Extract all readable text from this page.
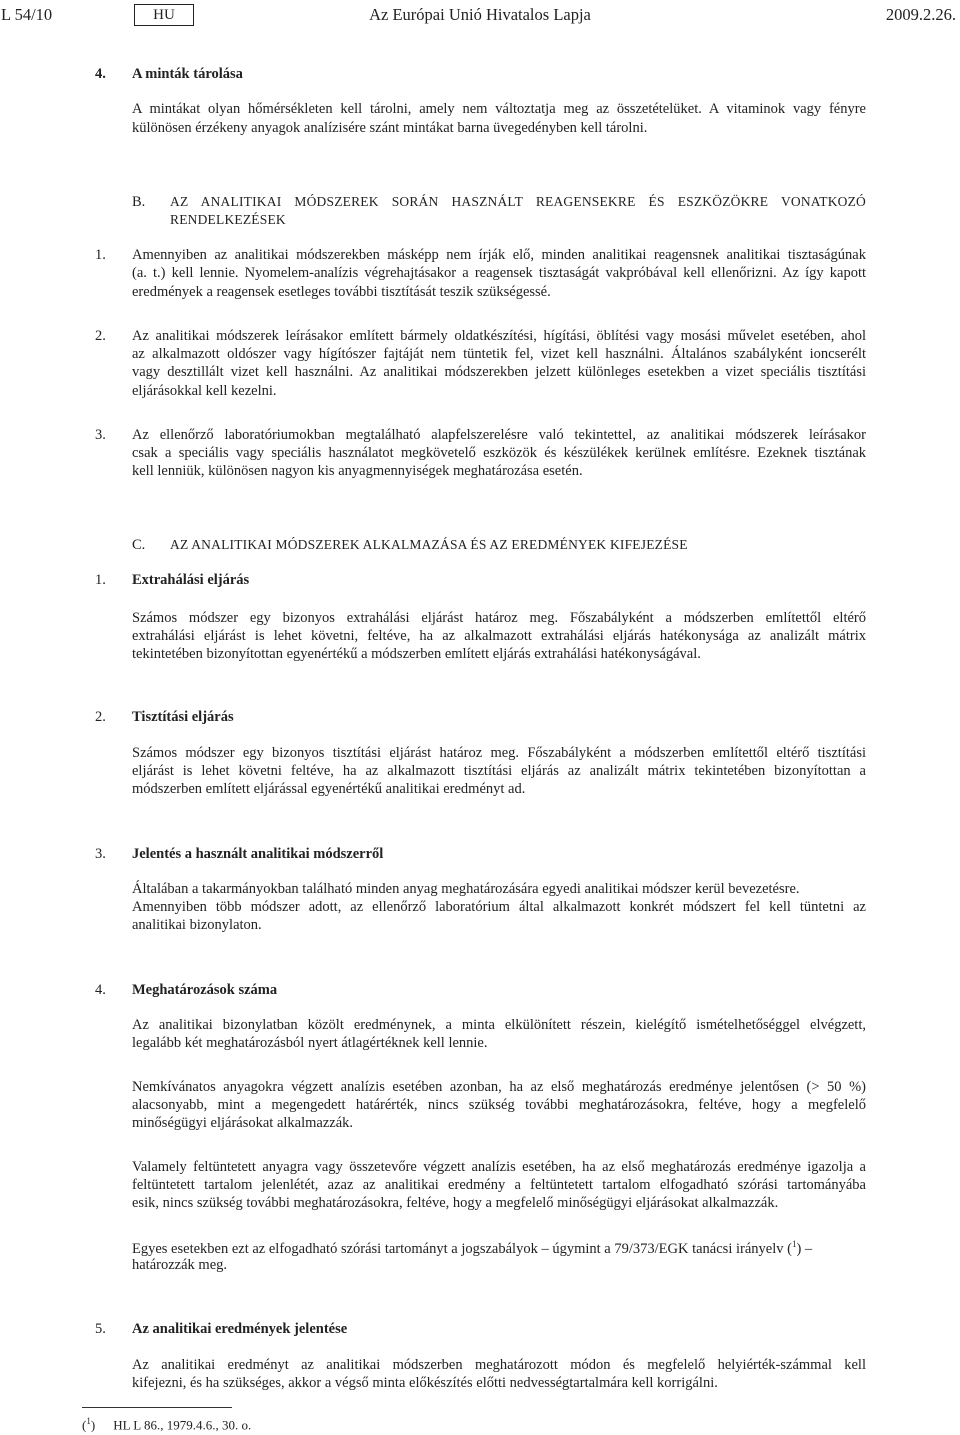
L 54/10	Az Európai Unió Hivatalos Lapja
HU	2009.2.26.
4. A minták tárolása
A mintákat olyan hőmérsékleten kell tárolni, amely nem változtatja meg az összetételüket. A vitaminok vagy fényre
különösen érzékeny anyagok analízisére szánt mintákat barna üvegedényben kell tárolni.
B. AZ ANALITIKAI MÓDSZEREK SORÁN HASZNÁLT REAGENSEKRE ÉS ESZKÖZÖKRE VONATKOZÓ
RENDELKEZÉSEK
1. Amennyiben az analitikai módszerekben másképp nem írják elő, minden analitikai reagensnek analitikai tisztaságúnak
(a. t.) kell lennie. Nyomelem-analízis végrehajtásakor a reagensek tisztaságát vakpróbával kell ellenőrizni. Az így kapott
eredmények a reagensek esetleges további tisztítását teszik szükségessé.
2. Az analitikai módszerek leírásakor említett bármely oldatkészítési, hígítási, öblítési vagy mosási művelet esetében, ahol
az alkalmazott oldószer vagy hígítószer fajtáját nem tüntetik fel, vizet kell használni. Általános szabályként ioncserélt
vagy desztillált vizet kell használni. Az analitikai módszerekben jelzett különleges esetekben a vizet speciális tisztítási
eljárásokkal kell kezelni.
3. Az ellenőrző laboratóriumokban megtalálható alapfelszerelésre való tekintettel, az analitikai módszerek leírásakor
csak a speciális vagy speciális használatot megkövetelő eszközök és készülékek kerülnek említésre. Ezeknek tisztának
kell lenniük, különösen nagyon kis anyagmennyiségek meghatározása esetén.
C. AZ ANALITIKAI MÓDSZEREK ALKALMAZÁSA ÉS AZ EREDMÉNYEK KIFEJEZÉSE
1. Extrahálási eljárás
Számos módszer egy bizonyos extrahálási eljárást határoz meg. Főszabályként a módszerben említettől eltérő
extrahálási eljárást is lehet követni, feltéve, ha az alkalmazott extrahálási eljárás hatékonysága az analizált mátrix
tekintetében bizonyítottan egyenértékű a módszerben említett eljárás extrahálási hatékonyságával.
2. Tisztítási eljárás
Számos módszer egy bizonyos tisztítási eljárást határoz meg. Főszabályként a módszerben említettől eltérő tisztítási
eljárást is lehet követni feltéve, ha az alkalmazott tisztítási eljárás az analizált mátrix tekintetében bizonyítottan a
módszerben említett eljárással egyenértékű analitikai eredményt ad.
3. Jelentés a használt analitikai módszerről
Általában a takarmányokban található minden anyag meghatározására egyedi analitikai módszer kerül bevezetésre.
Amennyiben több módszer adott, az ellenőrző laboratórium által alkalmazott konkrét módszert fel kell tüntetni az
analitikai bizonylaton.
4. Meghatározások száma
Az analitikai bizonylatban közölt eredménynek, a minta elkülönített részein, kielégítő ismételhetőséggel elvégzett,
legalább két meghatározásból nyert átlagértéknek kell lennie.
Nemkívánatos anyagokra végzett analízis esetében azonban, ha az első meghatározás eredménye jelentősen (> 50 %)
alacsonyabb, mint a megengedett határérték, nincs szükség további meghatározásokra, feltéve, hogy a megfelelő
minőségügyi eljárásokat alkalmazzák.
Valamely feltüntetett anyagra vagy összetevőre végzett analízis esetében, ha az első meghatározás eredménye igazolja a
feltüntetett tartalom jelenlétét, azaz az analitikai eredmény a feltüntetett tartalom elfogadható szórási tartományába
esik, nincs szükség további meghatározásokra, feltéve, hogy a megfelelő minőségügyi eljárásokat alkalmazzák.
Egyes esetekben ezt az elfogadható szórási tartományt a jogszabályok – úgymint a 79/373/EGK tanácsi irányelv ($^1$) –
határozzák meg.
5. Az analitikai eredmények jelentése
Az analitikai eredményt az analitikai módszerben meghatározott módon és megfelelő helyiérték-számmal kell
kifejezni, és ha szükséges, akkor a végső minta előkészítés előtti nedvességtartalmára kell korrigálni.
($^1$) HL L 86., 1979.4.6., 30. o.
